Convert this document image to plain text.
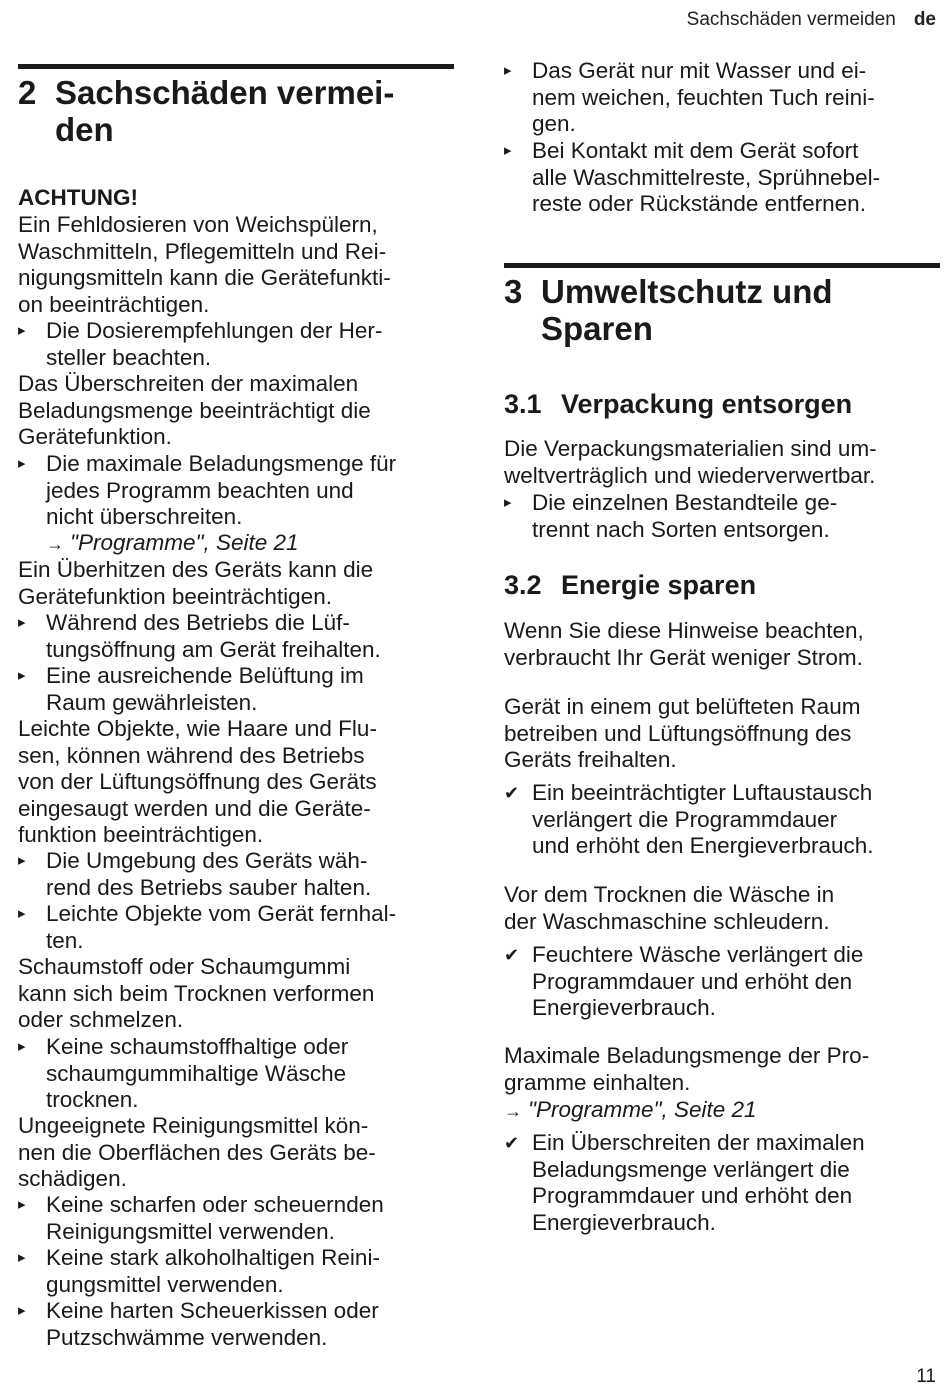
Sachschäden vermeiden de
2 Sachschäden vermei-
den
ACHTUNG!
Ein Fehldosieren von Weichspülern,
Waschmitteln, Pflegemitteln und Rei-
nigungsmitteln kann die Gerätefunkti-
on beeinträchtigen.
▸ Die Dosierempfehlungen der Her-
steller beachten.
Das Überschreiten der maximalen
Beladungsmenge beeinträchtigt die
Gerätefunktion.
▸ Die maximale Beladungsmenge für
jedes Programm beachten und
nicht überschreiten.
→ "Programme", Seite 21
Ein Überhitzen des Geräts kann die
Gerätefunktion beeinträchtigen.
▸ Während des Betriebs die Lüf-
tungsöffnung am Gerät freihalten.
▸ Eine ausreichende Belüftung im
Raum gewährleisten.
Leichte Objekte, wie Haare und Flu-
sen, können während des Betriebs
von der Lüftungsöffnung des Geräts
eingesaugt werden und die Geräte-
funktion beeinträchtigen.
▸ Die Umgebung des Geräts wäh-
rend des Betriebs sauber halten.
▸ Leichte Objekte vom Gerät fernhal-
ten.
Schaumstoff oder Schaumgummi
kann sich beim Trocknen verformen
oder schmelzen.
▸ Keine schaumstoffhaltige oder
schaumgummihaltige Wäsche
trocknen.
Ungeeignete Reinigungsmittel kön-
nen die Oberflächen des Geräts be-
schädigen.
▸ Keine scharfen oder scheuernden
Reinigungsmittel verwenden.
▸ Keine stark alkoholhaltigen Reini-
gungsmittel verwenden.
▸ Keine harten Scheuerkissen oder
Putzschwämme verwenden.
▸ Das Gerät nur mit Wasser und ei-
nem weichen, feuchten Tuch reini-
gen.
▸ Bei Kontakt mit dem Gerät sofort
alle Waschmittelreste, Sprühnebel-
reste oder Rückstände entfernen.
3 Umweltschutz und
Sparen
3.1 Verpackung entsorgen
Die Verpackungsmaterialien sind um-
weltverträglich und wiederverwertbar.
▸ Die einzelnen Bestandteile ge-
trennt nach Sorten entsorgen.
3.2 Energie sparen
Wenn Sie diese Hinweise beachten,
verbraucht Ihr Gerät weniger Strom.
Gerät in einem gut belüfteten Raum
betreiben und Lüftungsöffnung des
Geräts freihalten.
✔ Ein beeinträchtigter Luftaustausch
verlängert die Programmdauer
und erhöht den Energieverbrauch.
Vor dem Trocknen die Wäsche in
der Waschmaschine schleudern.
✔ Feuchtere Wäsche verlängert die
Programmdauer und erhöht den
Energieverbrauch.
Maximale Beladungsmenge der Pro-
gramme einhalten.
→ "Programme", Seite 21
✔ Ein Überschreiten der maximalen
Beladungsmenge verlängert die
Programmdauer und erhöht den
Energieverbrauch.
11
